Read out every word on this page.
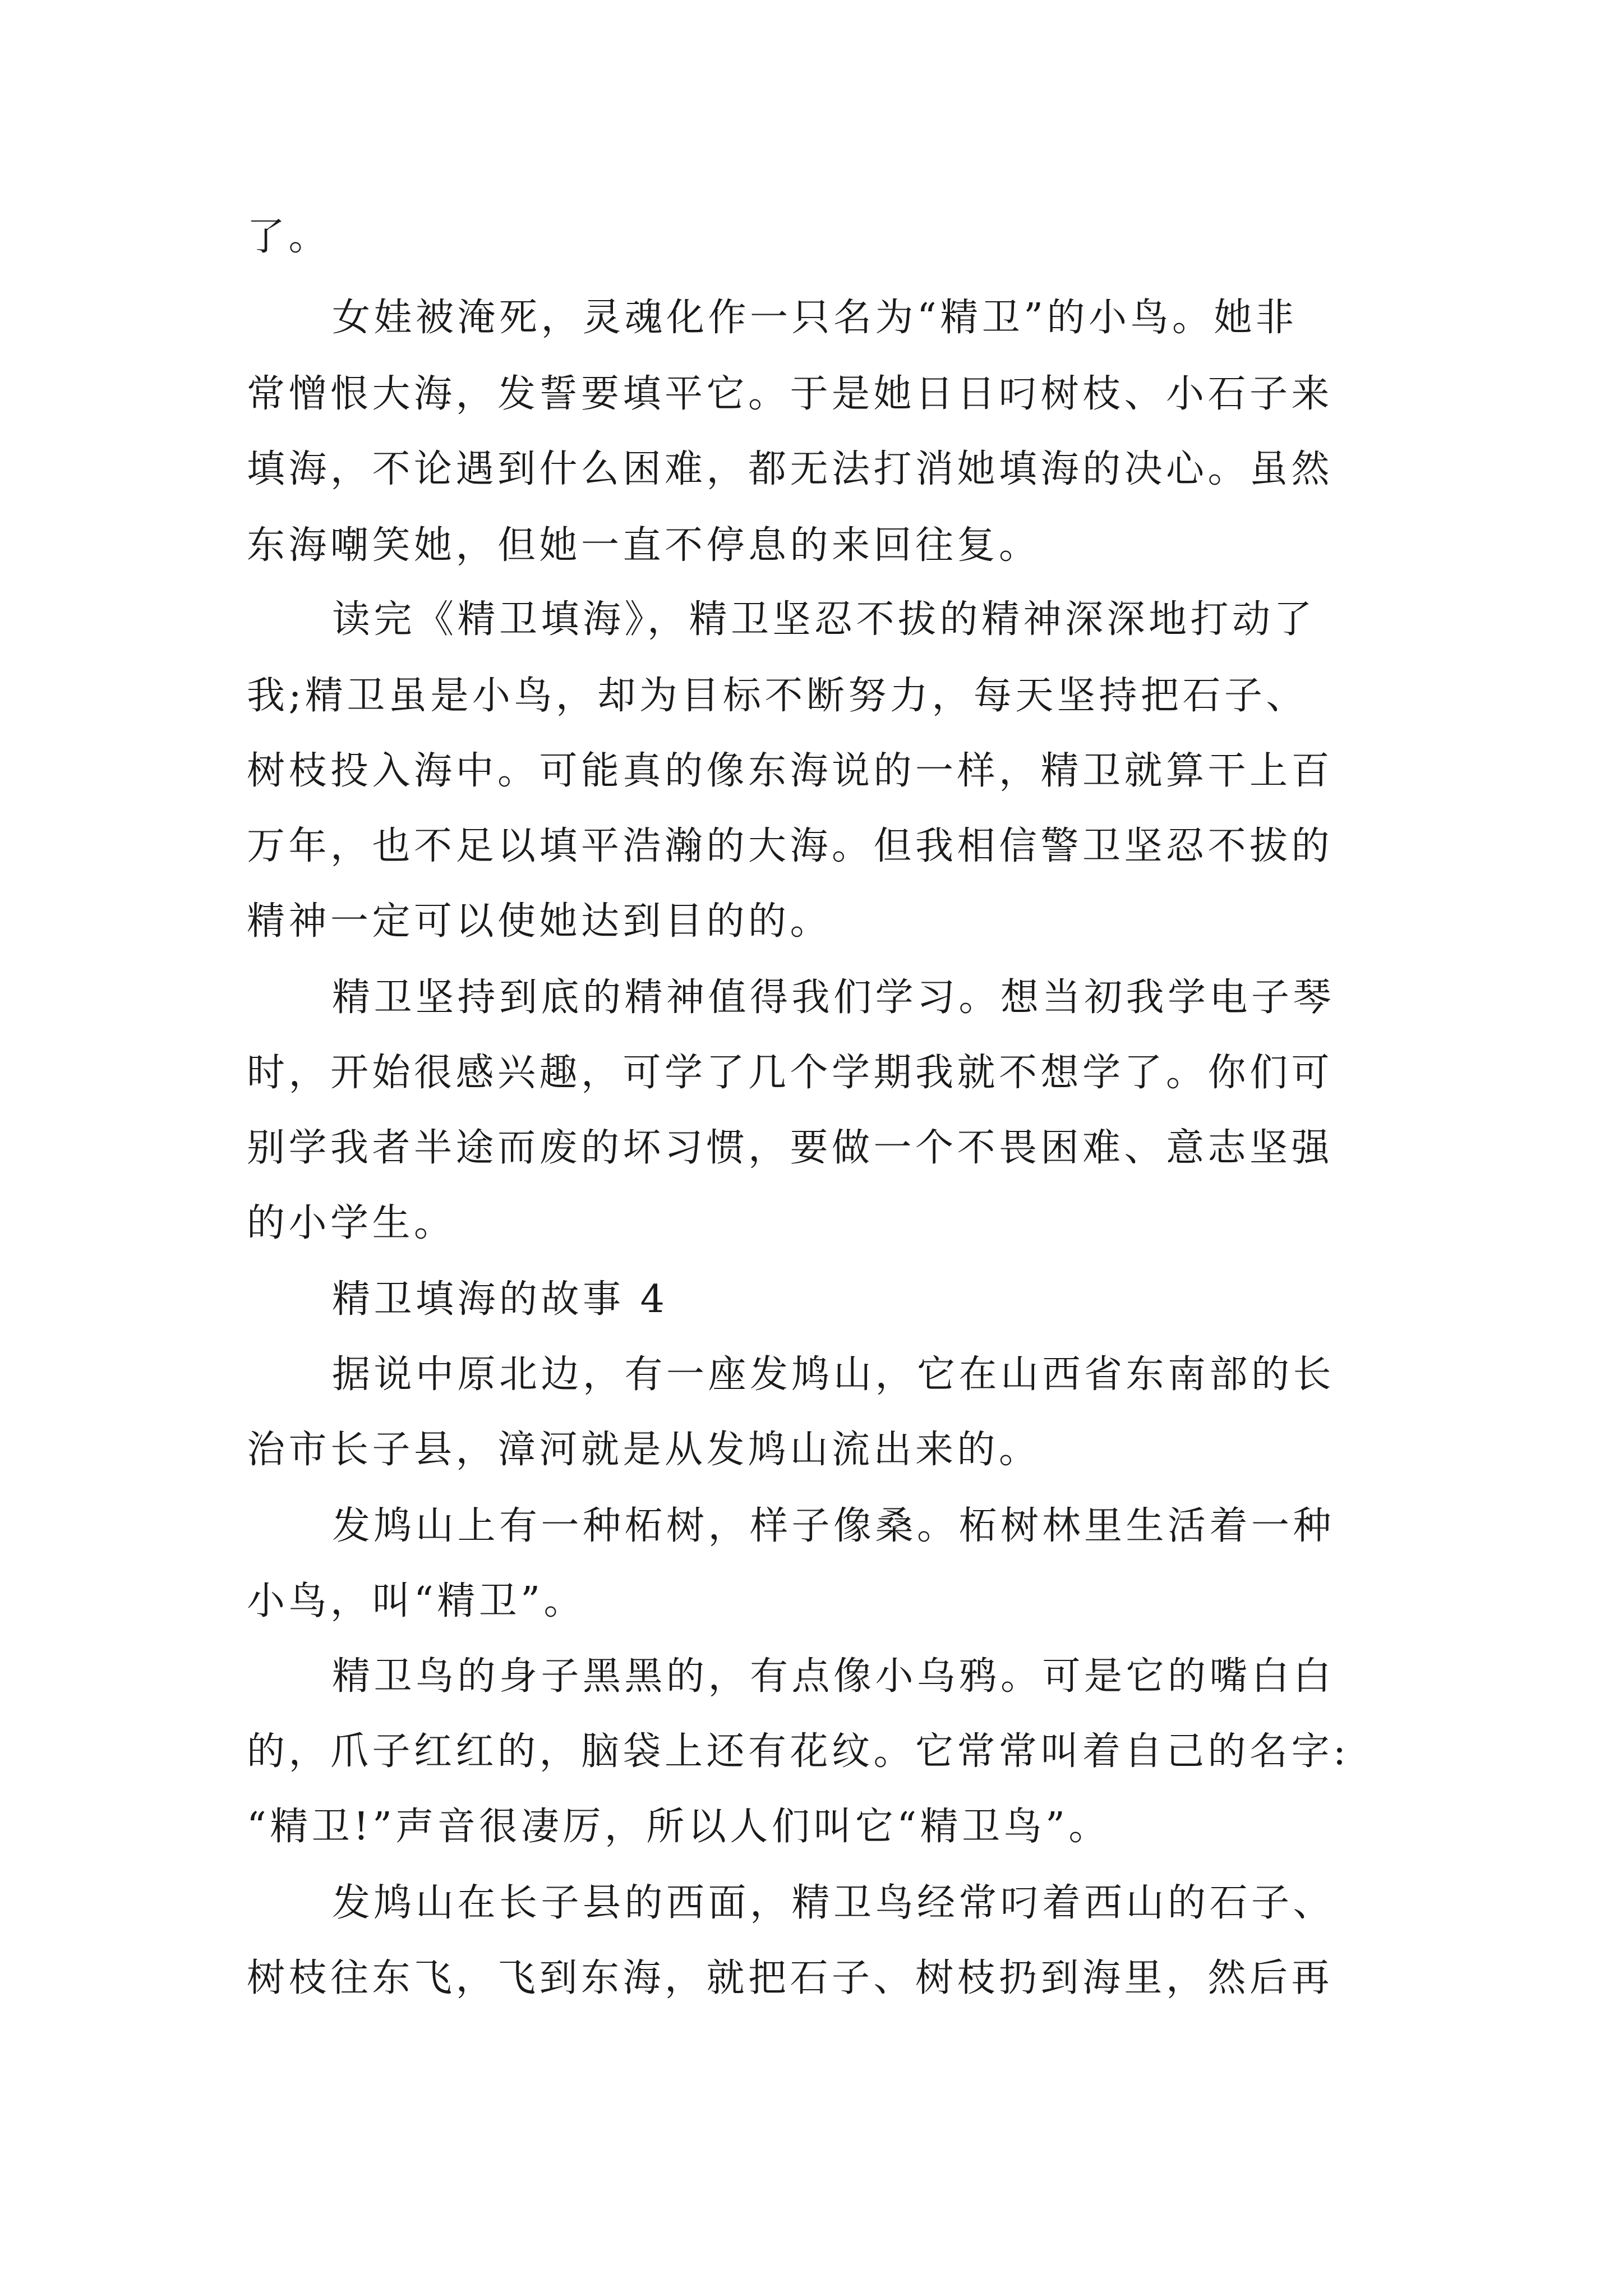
了。
女娃被淹死，灵魂化作一只名为“精卫”的小鸟。她非
常憎恨大海，发誓要填平它。于是她日日叼树枝、小石子来
填海，不论遇到什么困难，都无法打消她填海的决心。虽然
东海嘲笑她，但她一直不停息的来回往复。
读完《精卫填海》，精卫坚忍不拔的精神深深地打动了
我;精卫虽是小鸟，却为目标不断努力，每天坚持把石子、
树枝投入海中。可能真的像东海说的一样，精卫就算干上百
万年，也不足以填平浩瀚的大海。但我相信警卫坚忍不拔的
精神一定可以使她达到目的的。
精卫坚持到底的精神值得我们学习。想当初我学电子琴
时，开始很感兴趣，可学了几个学期我就不想学了。你们可
别学我者半途而废的坏习惯，要做一个不畏困难、意志坚强
的小学生。
精卫填海的故事 4
据说中原北边，有一座发鸠山，它在山西省东南部的长
治市长子县，漳河就是从发鸠山流出来的。
发鸠山上有一种柘树，样子像桑。柘树林里生活着一种
小鸟，叫“精卫”。
精卫鸟的身子黑黑的，有点像小乌鸦。可是它的嘴白白
的，爪子红红的，脑袋上还有花纹。它常常叫着自己的名字:
“精卫!”声音很凄厉，所以人们叫它“精卫鸟”。
发鸠山在长子县的西面，精卫鸟经常叼着西山的石子、
树枝往东飞，飞到东海，就把石子、树枝扔到海里，然后再
